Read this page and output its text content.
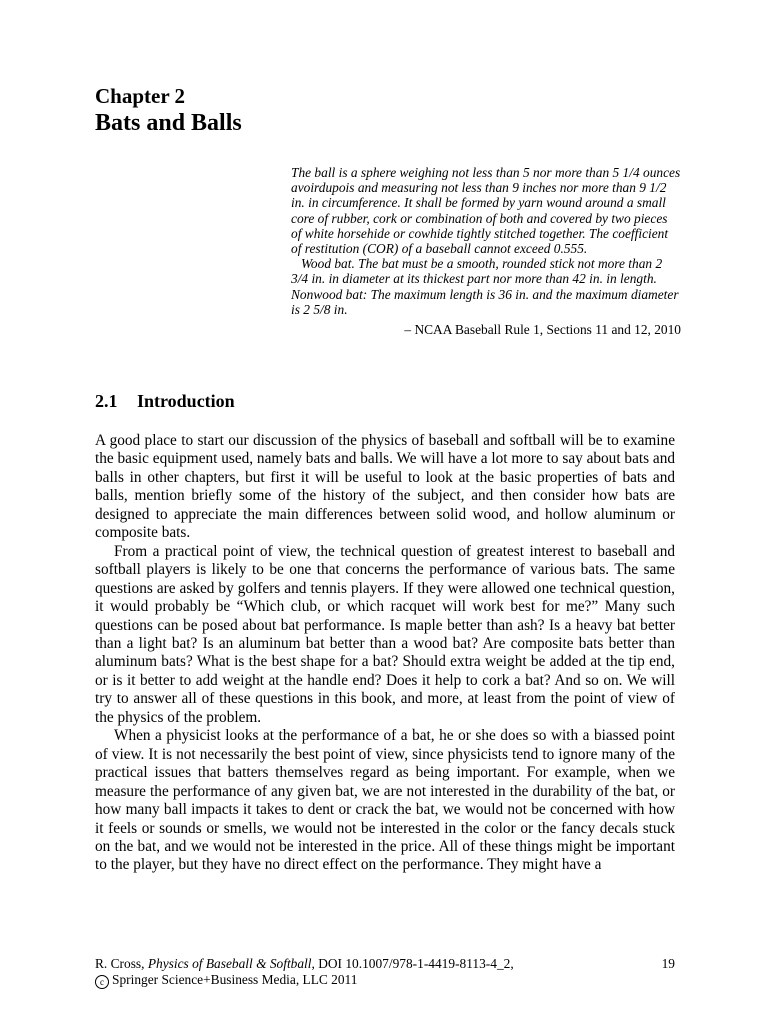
Chapter 2
Bats and Balls

The ball is a sphere weighing not less than 5 nor more than 5 1/4 ounces avoirdupois and measuring not less than 9 inches nor more than 9 1/2 in. in circumference. It shall be formed by yarn wound around a small core of rubber, cork or combination of both and covered by two pieces of white horsehide or cowhide tightly stitched together. The coefficient of restitution (COR) of a baseball cannot exceed 0.555.

Wood bat. The bat must be a smooth, rounded stick not more than 2 3/4 in. in diameter at its thickest part nor more than 42 in. in length. Nonwood bat: The maximum length is 36 in. and the maximum diameter is 2 5/8 in.

– NCAA Baseball Rule 1, Sections 11 and 12, 2010

2.1 Introduction

A good place to start our discussion of the physics of baseball and softball will be to examine the basic equipment used, namely bats and balls. We will have a lot more to say about bats and balls in other chapters, but first it will be useful to look at the basic properties of bats and balls, mention briefly some of the history of the subject, and then consider how bats are designed to appreciate the main differences between solid wood, and hollow aluminum or composite bats.

From a practical point of view, the technical question of greatest interest to baseball and softball players is likely to be one that concerns the performance of various bats. The same questions are asked by golfers and tennis players. If they were allowed one technical question, it would probably be “Which club, or which racquet will work best for me?” Many such questions can be posed about bat performance. Is maple better than ash? Is a heavy bat better than a light bat? Is an aluminum bat better than a wood bat? Are composite bats better than aluminum bats? What is the best shape for a bat? Should extra weight be added at the tip end, or is it better to add weight at the handle end? Does it help to cork a bat? And so on. We will try to answer all of these questions in this book, and more, at least from the point of view of the physics of the problem.

When a physicist looks at the performance of a bat, he or she does so with a biassed point of view. It is not necessarily the best point of view, since physicists tend to ignore many of the practical issues that batters themselves regard as being important. For example, when we measure the performance of any given bat, we are not interested in the durability of the bat, or how many ball impacts it takes to dent or crack the bat, we would not be concerned with how it feels or sounds or smells, we would not be interested in the color or the fancy decals stuck on the bat, and we would not be interested in the price. All of these things might be important to the player, but they have no direct effect on the performance. They might have a

R. Cross, Physics of Baseball & Softball, DOI 10.1007/978-1-4419-8113-4_2,	19
c Springer Science+Business Media, LLC 2011
